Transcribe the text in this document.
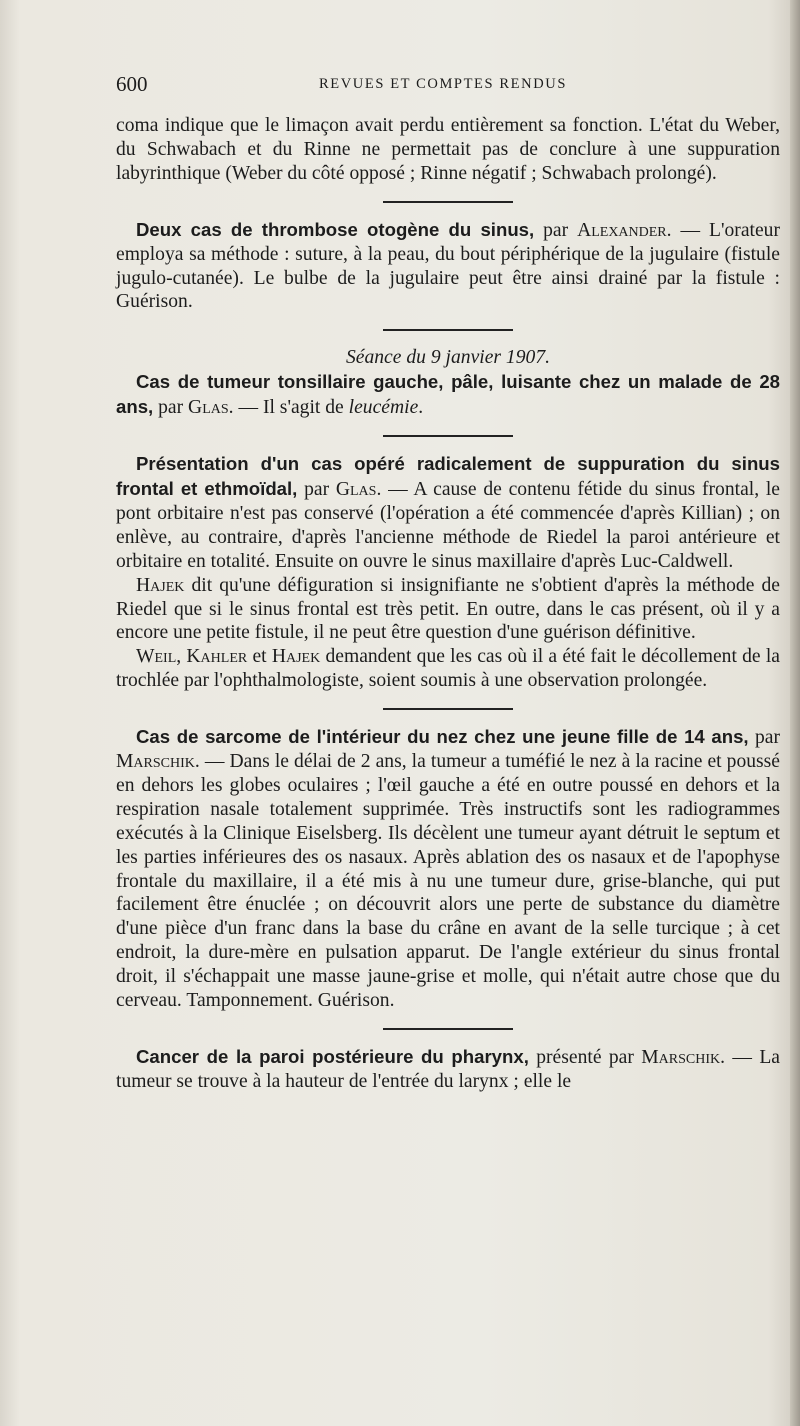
600	REVUES ET COMPTES RENDUS

coma indique que le limaçon avait perdu entièrement sa fonction. L'état du Weber, du Schwabach et du Rinne ne permettait pas de conclure à une suppuration labyrinthique (Weber du côté opposé ; Rinne négatif ; Schwabach prolongé).

Deux cas de thrombose otogène du sinus, par Alexander. — L'orateur employa sa méthode : suture, à la peau, du bout périphérique de la jugulaire (fistule jugulo-cutanée). Le bulbe de la jugulaire peut être ainsi drainé par la fistule : Guérison.

Séance du 9 janvier 1907.

Cas de tumeur tonsillaire gauche, pâle, luisante chez un malade de 28 ans, par Glas. — Il s'agit de leucémie.

Présentation d'un cas opéré radicalement de suppuration du sinus frontal et ethmoïdal, par Glas. — A cause de contenu fétide du sinus frontal, le pont orbitaire n'est pas conservé (l'opération a été commencée d'après Killian) ; on enlève, au contraire, d'après l'ancienne méthode de Riedel la paroi antérieure et orbitaire en totalité. Ensuite on ouvre le sinus maxillaire d'après Luc-Caldwell.

Hajek dit qu'une défiguration si insignifiante ne s'obtient d'après la méthode de Riedel que si le sinus frontal est très petit. En outre, dans le cas présent, où il y a encore une petite fistule, il ne peut être question d'une guérison définitive.

Weil, Kahler et Hajek demandent que les cas où il a été fait le décollement de la trochlée par l'ophthalmologiste, soient soumis à une observation prolongée.

Cas de sarcome de l'intérieur du nez chez une jeune fille de 14 ans, par Marschik. — Dans le délai de 2 ans, la tumeur a tuméfié le nez à la racine et poussé en dehors les globes oculaires ; l'œil gauche a été en outre poussé en dehors et la respiration nasale totalement supprimée. Très instructifs sont les radiogrammes exécutés à la Clinique Eiselsberg. Ils décèlent une tumeur ayant détruit le septum et les parties inférieures des os nasaux. Après ablation des os nasaux et de l'apophyse frontale du maxillaire, il a été mis à nu une tumeur dure, grise-blanche, qui put facilement être énuclée ; on découvrit alors une perte de substance du diamètre d'une pièce d'un franc dans la base du crâne en avant de la selle turcique ; à cet endroit, la dure-mère en pulsation apparut. De l'angle extérieur du sinus frontal droit, il s'échappait une masse jaune-grise et molle, qui n'était autre chose que du cerveau. Tamponnement. Guérison.

Cancer de la paroi postérieure du pharynx, présenté par Marschik. — La tumeur se trouve à la hauteur de l'entrée du larynx ; elle le
